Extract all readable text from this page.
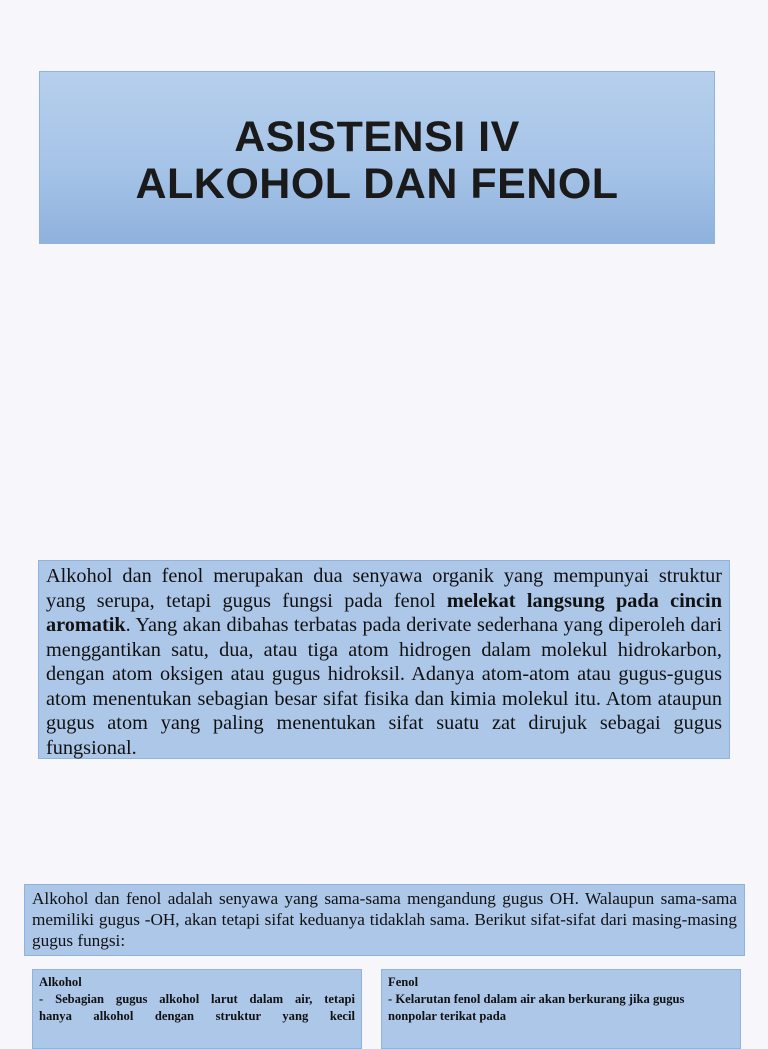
ASISTENSI IV
ALKOHOL DAN FENOL
Alkohol dan fenol merupakan dua senyawa organik yang mempunyai struktur yang serupa, tetapi gugus fungsi pada fenol melekat langsung pada cincin aromatik. Yang akan dibahas terbatas pada derivate sederhana yang diperoleh dari menggantikan satu, dua, atau tiga atom hidrogen dalam molekul hidrokarbon, dengan atom oksigen atau gugus hidroksil. Adanya atom-atom atau gugus-gugus atom menentukan sebagian besar sifat fisika dan kimia molekul itu. Atom ataupun gugus atom yang paling menentukan sifat suatu zat dirujuk sebagai gugus fungsional.
Alkohol dan fenol adalah senyawa yang sama-sama mengandung gugus OH. Walaupun sama-sama memiliki gugus -OH, akan tetapi sifat keduanya tidaklah sama. Berikut sifat-sifat dari masing-masing gugus fungsi:
Alkohol
- Sebagian gugus alkohol larut dalam air, tetapi
hanya alkohol dengan struktur yang kecil
Fenol
- Kelarutan fenol dalam air akan berkurang jika gugus
nonpolar terikat pada
